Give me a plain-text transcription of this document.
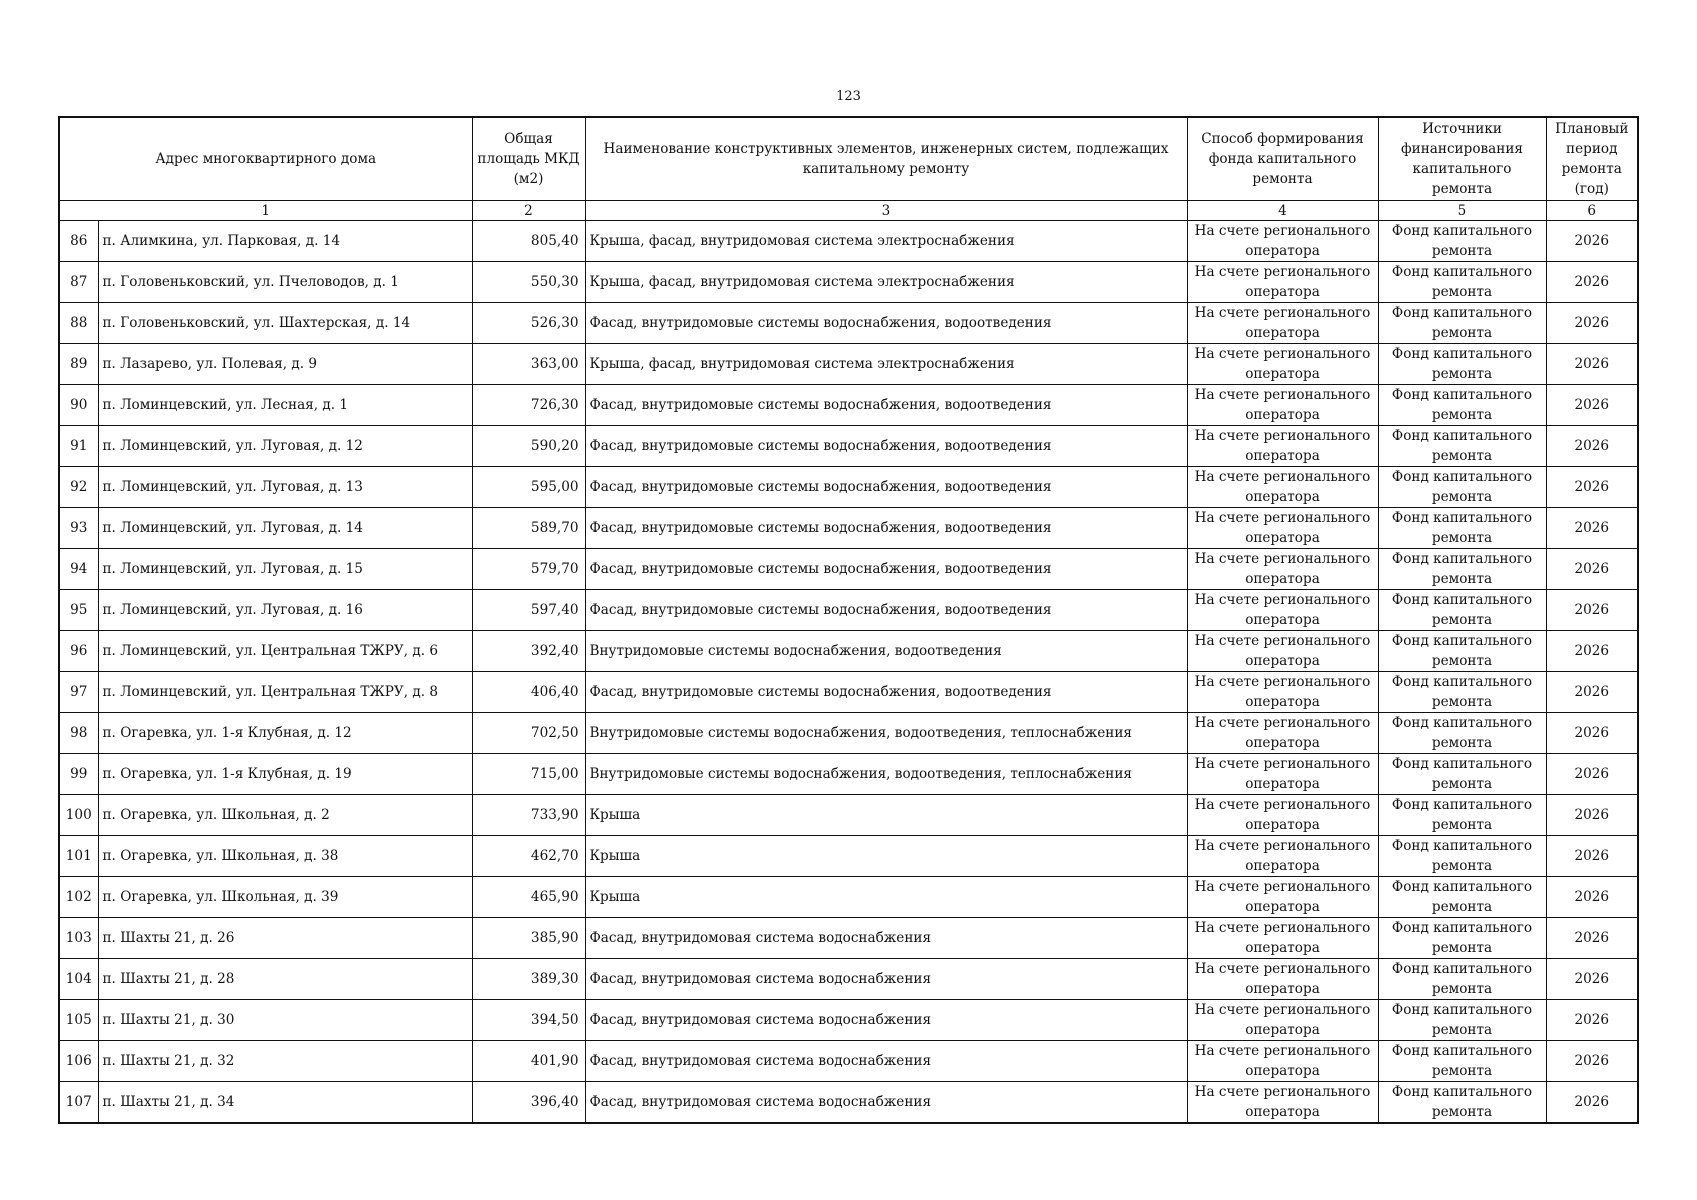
123
Адрес многоквартирного дома		Общая площадь МКД (м2)	Наименование конструктивных элементов, инженерных систем, подлежащих капитальному ремонту	Способ формирования фонда капитального ремонта	Источники финансирования капитального ремонта	Плановый период ремонта (год)
1		2	3	4	5	6
86	п. Алимкина, ул. Парковая, д. 14	805,40	Крыша, фасад, внутридомовая система электроснабжения	На счете регионального оператора	Фонд капитального ремонта	2026
87	п. Головеньковский, ул. Пчеловодов, д. 1	550,30	Крыша, фасад, внутридомовая система электроснабжения	На счете регионального оператора	Фонд капитального ремонта	2026
88	п. Головеньковский, ул. Шахтерская, д. 14	526,30	Фасад, внутридомовые системы водоснабжения, водоотведения	На счете регионального оператора	Фонд капитального ремонта	2026
89	п. Лазарево, ул. Полевая, д. 9	363,00	Крыша, фасад, внутридомовая система электроснабжения	На счете регионального оператора	Фонд капитального ремонта	2026
90	п. Ломинцевский, ул. Лесная, д. 1	726,30	Фасад, внутридомовые системы водоснабжения, водоотведения	На счете регионального оператора	Фонд капитального ремонта	2026
91	п. Ломинцевский, ул. Луговая, д. 12	590,20	Фасад, внутридомовые системы водоснабжения, водоотведения	На счете регионального оператора	Фонд капитального ремонта	2026
92	п. Ломинцевский, ул. Луговая, д. 13	595,00	Фасад, внутридомовые системы водоснабжения, водоотведения	На счете регионального оператора	Фонд капитального ремонта	2026
93	п. Ломинцевский, ул. Луговая, д. 14	589,70	Фасад, внутридомовые системы водоснабжения, водоотведения	На счете регионального оператора	Фонд капитального ремонта	2026
94	п. Ломинцевский, ул. Луговая, д. 15	579,70	Фасад, внутридомовые системы водоснабжения, водоотведения	На счете регионального оператора	Фонд капитального ремонта	2026
95	п. Ломинцевский, ул. Луговая, д. 16	597,40	Фасад, внутридомовые системы водоснабжения, водоотведения	На счете регионального оператора	Фонд капитального ремонта	2026
96	п. Ломинцевский, ул. Центральная ТЖРУ, д. 6	392,40	Внутридомовые системы водоснабжения, водоотведения	На счете регионального оператора	Фонд капитального ремонта	2026
97	п. Ломинцевский, ул. Центральная ТЖРУ, д. 8	406,40	Фасад, внутридомовые системы водоснабжения, водоотведения	На счете регионального оператора	Фонд капитального ремонта	2026
98	п. Огаревка, ул. 1-я Клубная, д. 12	702,50	Внутридомовые системы водоснабжения, водоотведения, теплоснабжения	На счете регионального оператора	Фонд капитального ремонта	2026
99	п. Огаревка, ул. 1-я Клубная, д. 19	715,00	Внутридомовые системы водоснабжения, водоотведения, теплоснабжения	На счете регионального оператора	Фонд капитального ремонта	2026
100	п. Огаревка, ул. Школьная, д. 2	733,90	Крыша	На счете регионального оператора	Фонд капитального ремонта	2026
101	п. Огаревка, ул. Школьная, д. 38	462,70	Крыша	На счете регионального оператора	Фонд капитального ремонта	2026
102	п. Огаревка, ул. Школьная, д. 39	465,90	Крыша	На счете регионального оператора	Фонд капитального ремонта	2026
103	п. Шахты 21, д. 26	385,90	Фасад, внутридомовая система водоснабжения	На счете регионального оператора	Фонд капитального ремонта	2026
104	п. Шахты 21, д. 28	389,30	Фасад, внутридомовая система водоснабжения	На счете регионального оператора	Фонд капитального ремонта	2026
105	п. Шахты 21, д. 30	394,50	Фасад, внутридомовая система водоснабжения	На счете регионального оператора	Фонд капитального ремонта	2026
106	п. Шахты 21, д. 32	401,90	Фасад, внутридомовая система водоснабжения	На счете регионального оператора	Фонд капитального ремонта	2026
107	п. Шахты 21, д. 34	396,40	Фасад, внутридомовая система водоснабжения	На счете регионального оператора	Фонд капитального ремонта	2026
